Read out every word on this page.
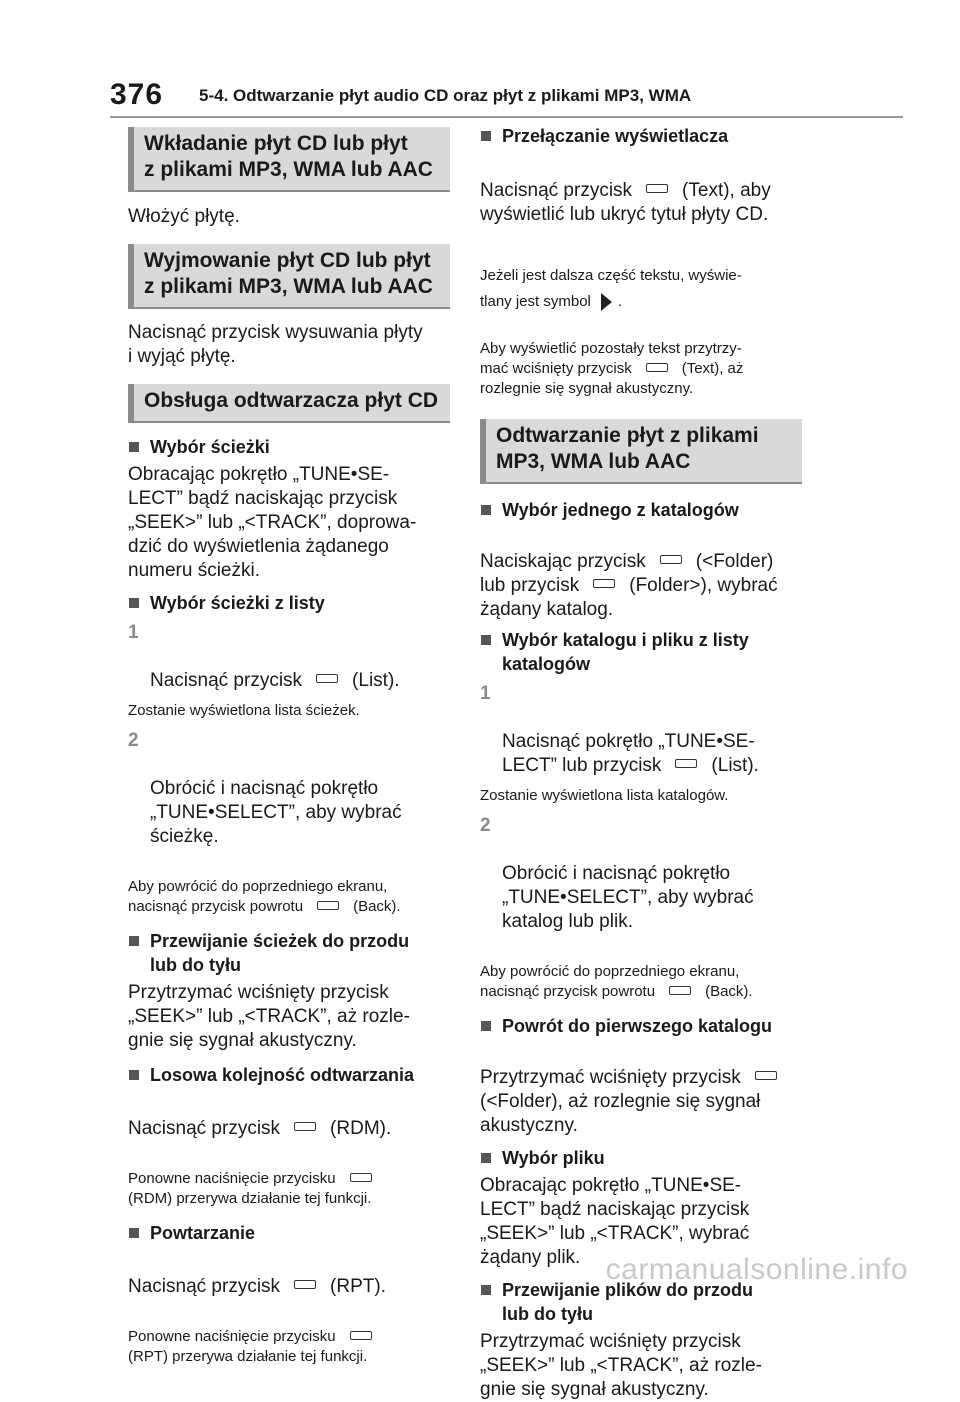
376 5-4. Odtwarzanie płyt audio CD oraz płyt z plikami MP3, WMA
Wkładanie płyt CD lub płyt
z plikami MP3, WMA lub AAC
Włożyć płytę.
Wyjmowanie płyt CD lub płyt
z plikami MP3, WMA lub AAC
Nacisnąć przycisk wysuwania płyty
i wyjąć płytę.
Obsługa odtwarzacza płyt CD
Wybór ścieżki
Obracając pokrętło „TUNE•SE-
LECT” bądź naciskając przycisk
„SEEK>” lub „<TRACK”, doprowa-
dzić do wyświetlenia żądanego
numeru ścieżki.
Wybór ścieżki z listy

1

Nacisnąć przycisk	(List).

Zostanie wyświetlona lista ścieżek.

2

Obrócić i nacisnąć pokrętło
„TUNE•SELECT”, aby wybrać
ścieżkę.

Aby powrócić do poprzedniego ekranu,
nacisnąć przycisk powrotu	(Back).

Przewijanie ścieżek do przodu
lub do tyłu
Przytrzymać wciśnięty przycisk
„SEEK>” lub „<TRACK”, aż rozle-
gnie się sygnał akustyczny.
Losowa kolejność odtwarzania

Nacisnąć przycisk	(RDM).

Ponowne naciśnięcie przycisku
(RDM) przerywa działanie tej funkcji.

Powtarzanie

Nacisnąć przycisk	(RPT).

Ponowne naciśnięcie przycisku
(RPT) przerywa działanie tej funkcji.

Przełączanie wyświetlacza

Nacisnąć przycisk	(Text), aby
wyświetlić lub ukryć tytuł płyty CD.

Jeżeli jest dalsza część tekstu, wyświe-
tlany jest symbol .

Aby wyświetlić pozostały tekst przytrzy-
mać wciśnięty przycisk	(Text), aż
rozlegnie się sygnał akustyczny.

Odtwarzanie płyt z plikami
MP3, WMA lub AAC
Wybór jednego z katalogów

Naciskając przycisk	(<Folder)
lub przycisk	(Folder>), wybrać
żądany katalog.

Wybór katalogu i pliku z listy
katalogów

1

Nacisnąć pokrętło „TUNE•SE-
LECT” lub przycisk	(List).

Zostanie wyświetlona lista katalogów.

2

Obrócić i nacisnąć pokrętło
„TUNE•SELECT”, aby wybrać
katalog lub plik.

Aby powrócić do poprzedniego ekranu,
nacisnąć przycisk powrotu	(Back).

Powrót do pierwszego katalogu

Przytrzymać wciśnięty przycisk
(<Folder), aż rozlegnie się sygnał
akustyczny.

Wybór pliku
Obracając pokrętło „TUNE•SE-
LECT” bądź naciskając przycisk
„SEEK>” lub „<TRACK”, wybrać
żądany plik.
Przewijanie plików do przodu
lub do tyłu
Przytrzymać wciśnięty przycisk
„SEEK>” lub „<TRACK”, aż rozle-
gnie się sygnał akustyczny.
carmanualsonline.info
